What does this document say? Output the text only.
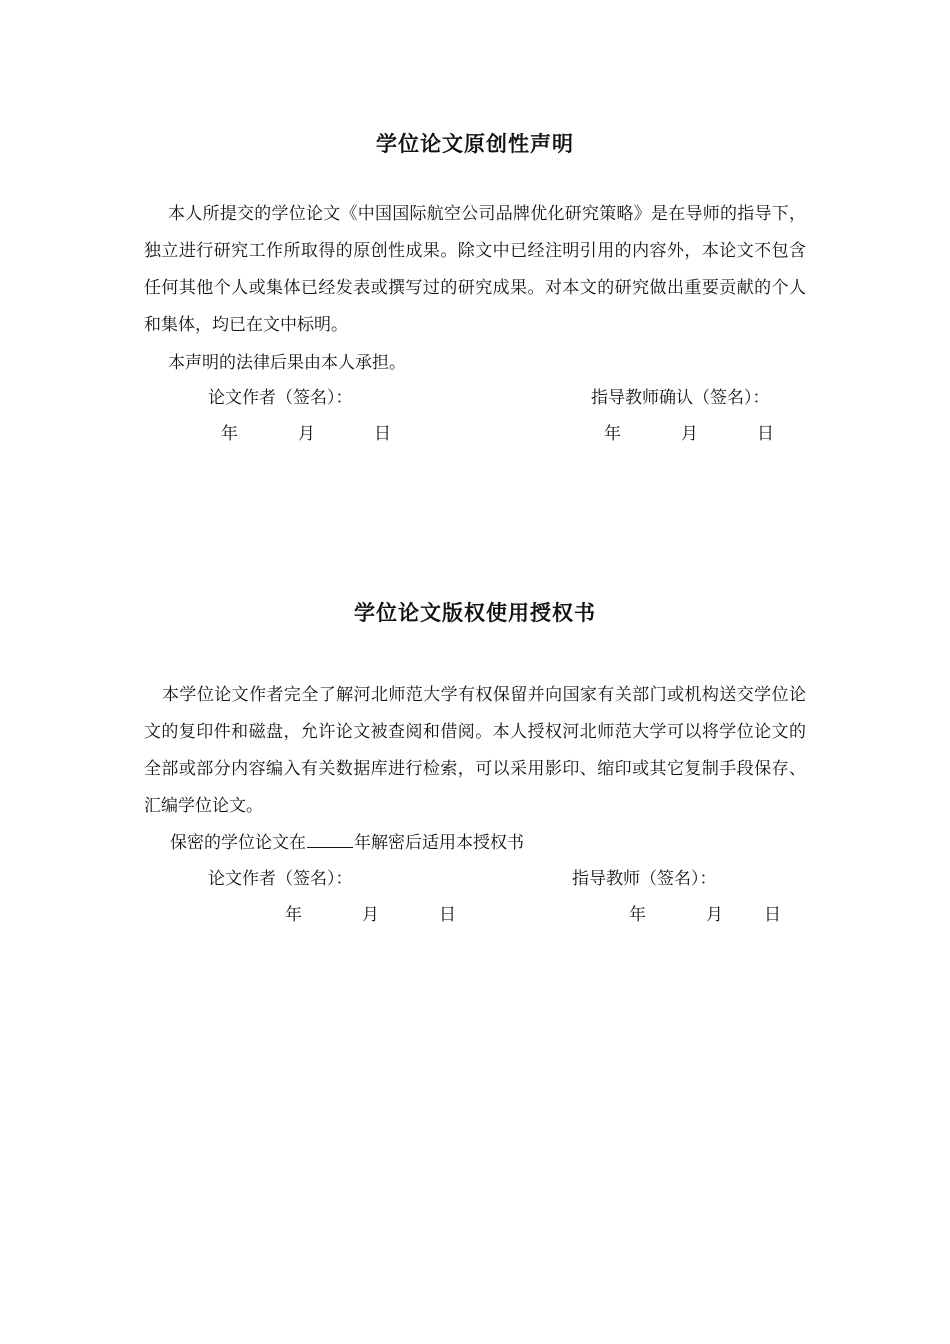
学位论文原创性声明
本人所提交的学位论文《中国国际航空公司品牌优化研究策略》是在导师的指导下，独立进行研究工作所取得的原创性成果。除文中已经注明引用的内容外，本论文不包含任何其他个人或集体已经发表或撰写过的研究成果。对本文的研究做出重要贡献的个人和集体，均已在文中标明。
本声明的法律后果由本人承担。
论文作者（签名）：	指导教师确认（签名）：
年	月	日	年	月	日
学位论文版权使用授权书
本学位论文作者完全了解河北师范大学有权保留并向国家有关部门或机构送交学位论文的复印件和磁盘，允许论文被查阅和借阅。本人授权河北师范大学可以将学位论文的全部或部分内容编入有关数据库进行检索，可以采用影印、缩印或其它复制手段保存、汇编学位论文。
保密的学位论文在	年解密后适用本授权书
论文作者（签名）：	指导教师（签名）：
年	月	日	年	月 日
